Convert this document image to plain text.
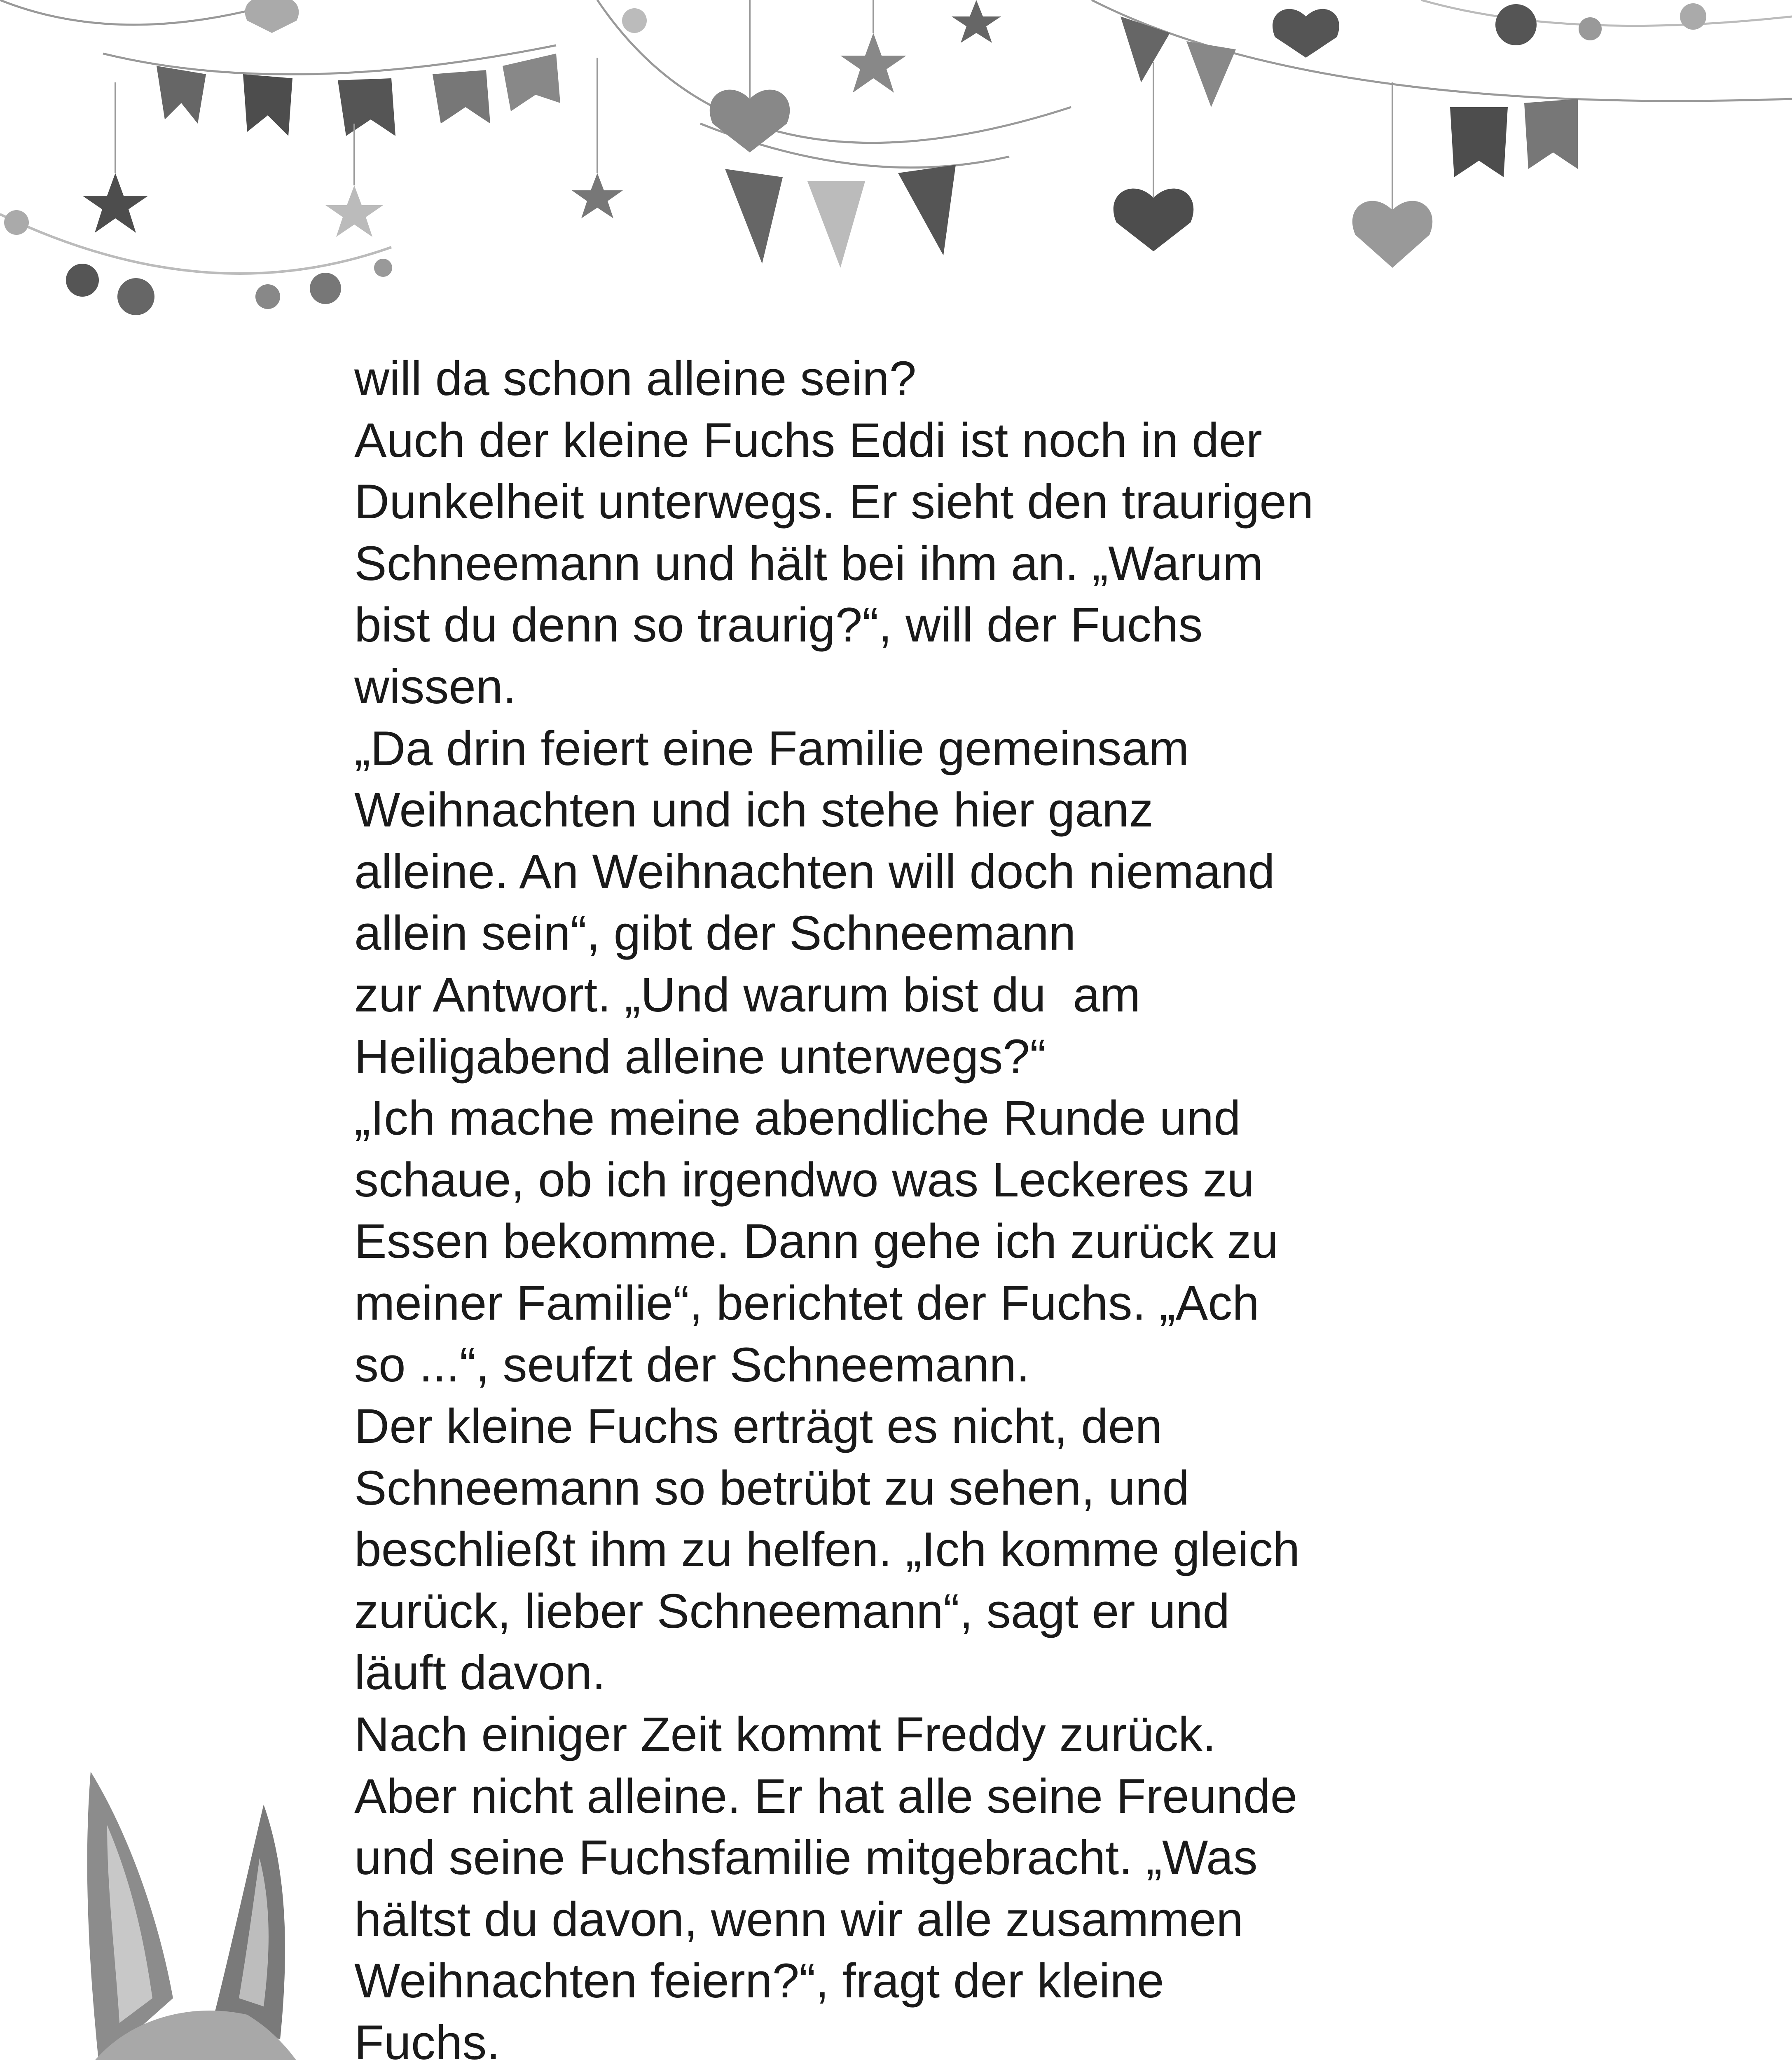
will da schon alleine sein?
Auch der kleine Fuchs Eddi ist noch in der
Dunkelheit unterwegs. Er sieht den traurigen
Schneemann und hält bei ihm an. „Warum
bist du denn so traurig?“, will der Fuchs
wissen.
„Da drin feiert eine Familie gemeinsam
Weihnachten und ich stehe hier ganz
alleine. An Weihnachten will doch niemand
allein sein“, gibt der Schneemann
zur Antwort. „Und warum bist du  am
Heiligabend alleine unterwegs?“
„Ich mache meine abendliche Runde und
schaue, ob ich irgendwo was Leckeres zu
Essen bekomme. Dann gehe ich zurück zu
meiner Familie“, berichtet der Fuchs. „Ach
so ...“, seufzt der Schneemann.
Der kleine Fuchs erträgt es nicht, den
Schneemann so betrübt zu sehen, und
beschließt ihm zu helfen. „Ich komme gleich
zurück, lieber Schneemann“, sagt er und
läuft davon.
Nach einiger Zeit kommt Freddy zurück.
Aber nicht alleine. Er hat alle seine Freunde
und seine Fuchsfamilie mitgebracht. „Was
hältst du davon, wenn wir alle zusammen
Weihnachten feiern?“, fragt der kleine
Fuchs.
